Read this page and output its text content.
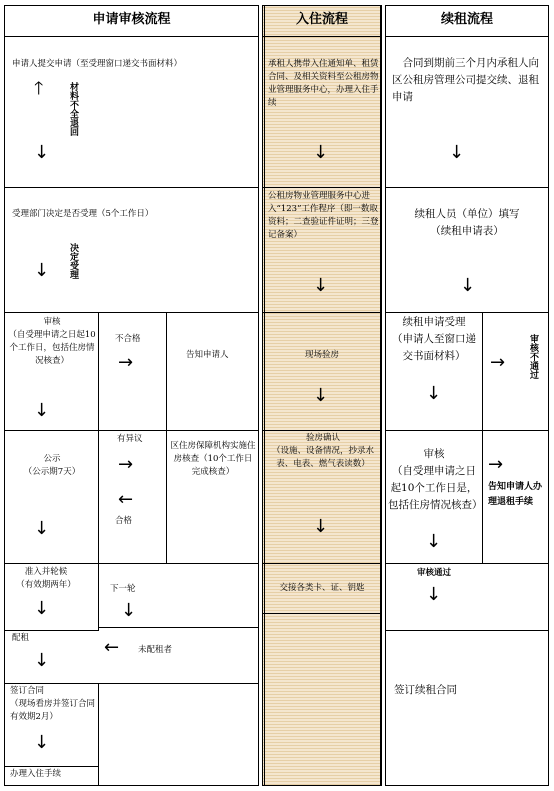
申请审核流程	入住流程	续租流程
申请人提交申请（至受理窗口递交书面材料）
🡑	材料不全退回
↓
受理部门决定是否受理（5个工作日）
↓ 决定受理
审核
（自受理申请之日起10个工作日，包括住房情况核查）
↓
不合格
→	告知申请人
公示
（公示期7天）
↓
有异议
→
←
合格
区住房保障机构实施住房核查（10个工作日完成核查）
准入并轮候
（有效期两年）
↓
下一轮
↓
配租
↓
← 未配租者
签订合同
（现场看房并签订合同有效期2月）
↓
办理入住手续
承租人携带入住通知单、租赁合同、及相关资料至公租房物业管理服务中心，办理入住手续
↓
公租房物业管理服务中心进入“123”工作程序（即一数取资料；二查验证件证明；三登记备案）
↓
现场验房
↓
验房确认
（设施、设备情况，抄录水表、电表、燃气表读数）
↓
交接各类卡、证、钥匙
合同到期前三个月内承租人向区公租房管理公司提交续、退租申请
↓
续租人员（单位）填写
（续租申请表）
↓
续租申请受理
（申请人至窗口递交书面材料）
↓
→	审核不通过
审核
（自受理申请之日起10个工作日是，包括住房情况核查）
↓
→
告知申请人办理退租手续
审核通过
↓
签订续租合同
